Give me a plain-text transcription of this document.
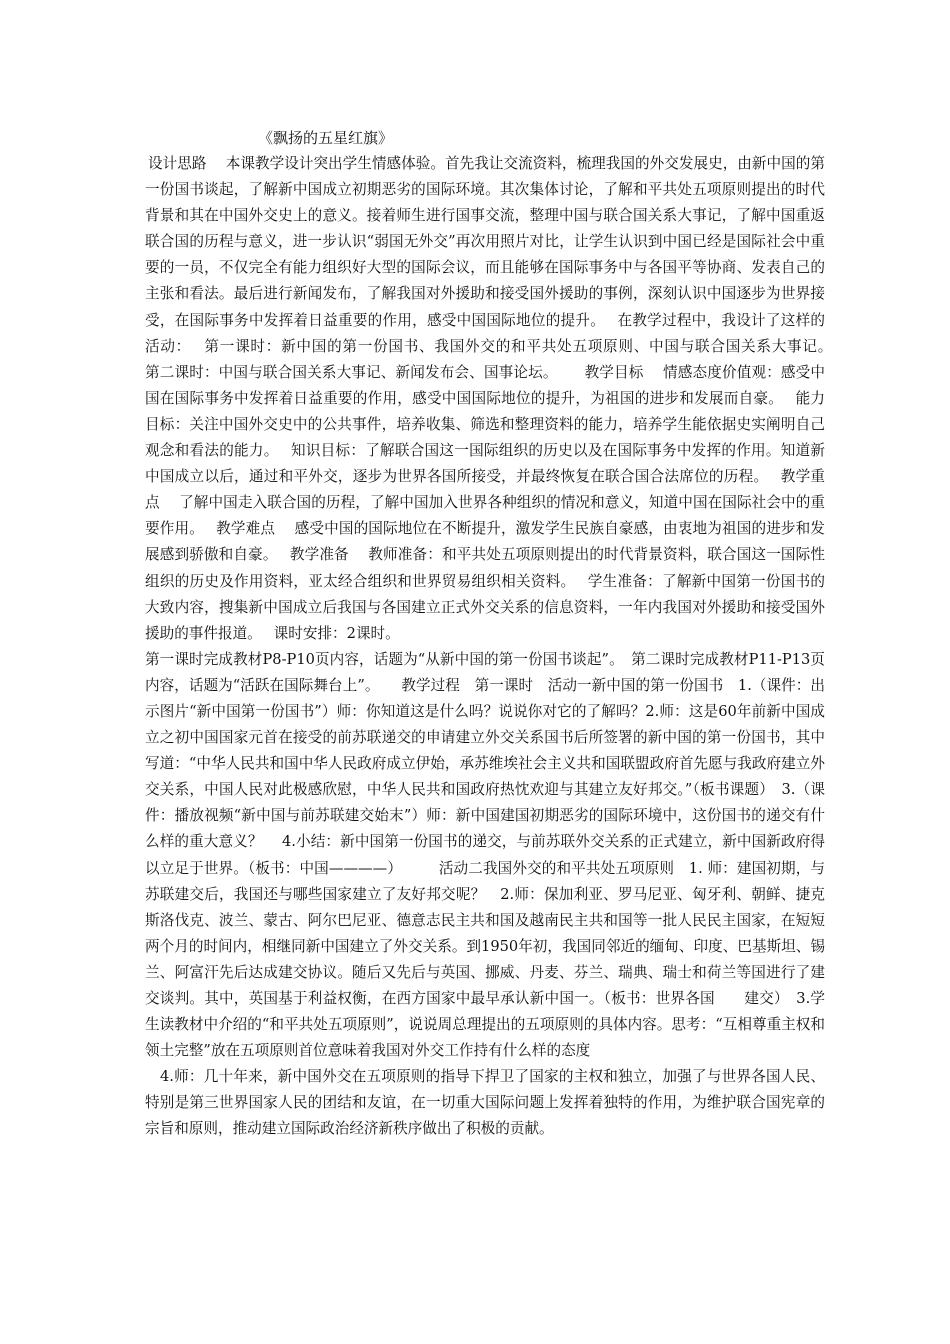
《飘扬的五星红旗》

设计思路　 本课教学设计突出学生情感体验。首先我让交流资料，梳理我国的外交发展史，由新中国的第一份国书谈起，了解新中国成立初期恶劣的国际环境。其次集体讨论，了解和平共处五项原则提出的时代背景和其在中国外交史上的意义。接着师生进行国事交流，整理中国与联合国关系大事记，了解中国重返联合国的历程与意义，进一步认识“弱国无外交”再次用照片对比，让学生认识到中国已经是国际社会中重要的一员，不仅完全有能力组织好大型的国际会议，而且能够在国际事务中与各国平等协商、发表自己的主张和看法。最后进行新闻发布，了解我国对外援助和接受国外援助的事例，深刻认识中国逐步为世界接受，在国际事务中发挥着日益重要的作用，感受中国国际地位的提升。　 在教学过程中，我设计了这样的活动：　 第一课时：新中国的第一份国书、我国外交的和平共处五项原则、中国与联合国关系大事记。　 第二课时：中国与联合国关系大事记、新闻发布会、国事论坛。　 　教学目标　 情感态度价值观：感受中国在国际事务中发挥着日益重要的作用，感受中国国际地位的提升，为祖国的进步和发展而自豪。　 能力目标：关注中国外交史中的公共事件，培养收集、筛选和整理资料的能力，培养学生能依据史实阐明自己观念和看法的能力。　 知识目标：了解联合国这一国际组织的历史以及在国际事务中发挥的作用。知道新中国成立以后，通过和平外交，逐步为世界各国所接受，并最终恢复在联合国合法席位的历程。　 教学重点　 了解中国走入联合国的历程，了解中国加入世界各种组织的情况和意义，知道中国在国际社会中的重要作用。　 教学难点　 感受中国的国际地位在不断提升，激发学生民族自豪感，由衷地为祖国的进步和发展感到骄傲和自豪。　 教学准备　 教师准备：和平共处五项原则提出的时代背景资料，联合国这一国际性组织的历史及作用资料，亚太经合组织和世界贸易组织相关资料。　 学生准备：了解新中国第一份国书的大致内容，搜集新中国成立后我国与各国建立正式外交关系的信息资料，一年内我国对外援助和接受国外援助的事件报道。　 课时安排：2课时。

第一课时完成教材P8-P10页内容，话题为“从新中国的第一份国书谈起”。　第二课时完成教材P11-P13页内容，话题为“活跃在国际舞台上”。　　教学过程　第一课时　活动一新中国的第一份国书　1.（课件：出示图片“新中国第一份国书”）师：你知道这是什么吗？说说你对它的了解吗？2.师：这是60年前新中国成立之初中国国家元首在接受的前苏联递交的申请建立外交关系国书后所签署的新中国的第一份国书，其中写道：“中华人民共和国中华人民政府成立伊始，承苏维埃社会主义共和国联盟政府首先愿与我政府建立外交关系，中国人民对此极感欣慰，中华人民共和国政府热忱欢迎与其建立友好邦交。”（板书课题）　3.（课件：播放视频“新中国与前苏联建交始末”）师：新中国建国初期恶劣的国际环境中，这份国书的递交有什么样的重大意义？　 4.小结：新中国第一份国书的递交，与前苏联外交关系的正式建立，新中国新政府得以立足于世界。（板书：中国————）　　　活动二我国外交的和平共处五项原则　1. 师：建国初期，与苏联建交后，我国还与哪些国家建立了友好邦交呢？　2.师：保加利亚、罗马尼亚、匈牙利、朝鲜、捷克斯洛伐克、波兰、蒙古、阿尔巴尼亚、德意志民主共和国及越南民主共和国等一批人民民主国家，在短短两个月的时间内，相继同新中国建立了外交关系。到1950年初，我国同邻近的缅甸、印度、巴基斯坦、锡兰、阿富汗先后达成建交协议。随后又先后与英国、挪威、丹麦、芬兰、瑞典、瑞士和荷兰等国进行了建交谈判。其中，英国基于利益权衡，在西方国家中最早承认新中国一。（板书：世界各国　　建交）　3.学生读教材中介绍的“和平共处五项原则”，说说周总理提出的五项原则的具体内容。思考：“互相尊重主权和领土完整”放在五项原则首位意味着我国对外交工作持有什么样的态度

4.师：几十年来，新中国外交在五项原则的指导下捍卫了国家的主权和独立，加强了与世界各国人民、特别是第三世界国家人民的团结和友谊，在一切重大国际问题上发挥着独特的作用，为维护联合国宪章的宗旨和原则，推动建立国际政治经济新秩序做出了积极的贡献。
